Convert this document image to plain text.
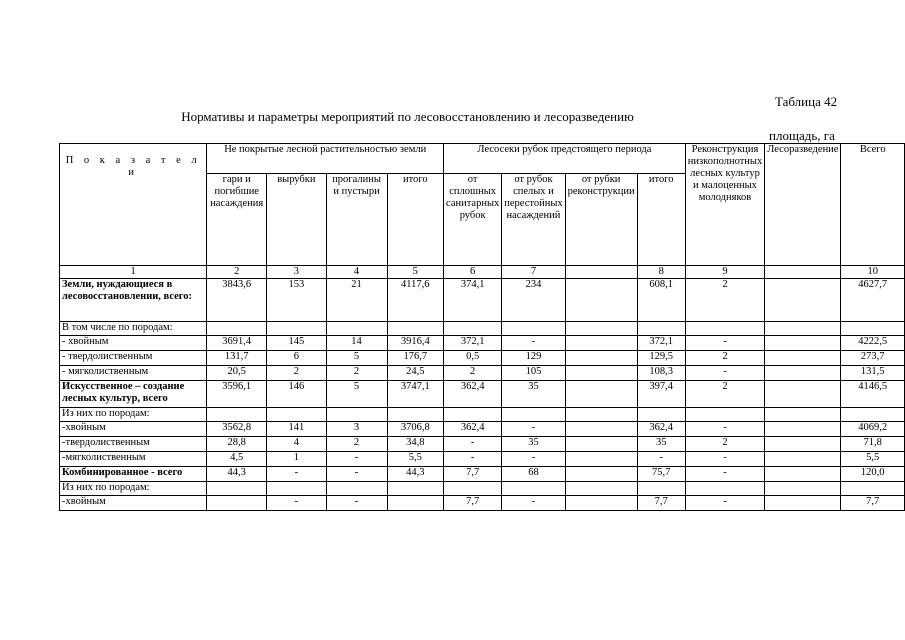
Таблица 42
Нормативы и параметры мероприятий по лесовосстановлению и лесоразведению
площадь, га
П о к а з а т е л и	Не покрытые лесной растительностью земли				Лесосеки рубок предстоящего периода				Реконструкция низкополнотных лесных культур и малоценных молодняков	Лесоразведение	Всего
	гари и погибшие насаждения	вырубки	прогалины и пустыри	итого	от сплошных санитарных рубок	от рубок спелых и перестойных насаждений	от рубки реконструкции	итого			
1	2	3	4	5	6	7		8	9		10
Земли, нуждающиеся в лесовосстановлении, всего:	3843,6	153	21	4117,6	374,1	234		608,1	2		4627,7
В том числе по породам:											
- хвойным	3691,4	145	14	3916,4	372,1	-		372,1	-		4222,5
- твердолиственным	131,7	6	5	176,7	0,5	129		129,5	2		273,7
- мягколиственным	20,5	2	2	24,5	2	105		108,3	-		131,5
Искусственное – создание лесных культур, всего	3596,1	146	5	3747,1	362,4	35		397,4	2		4146,5
Из них по породам:											
-хвойным	3562,8	141	3	3706,8	362,4	-		362,4	-		4069,2
-твердолиственным	28,8	4	2	34,8	-	35		35	2		71,8
-мягколиственным	4,5	1	-	5,5	-	-		-	-		5,5
Комбинированное - всего	44,3	-	-	44,3	7,7	68		75,7	-		120,0
Из них по породам:											
-хвойным		-	-		7,7	-		7,7	-		7,7
